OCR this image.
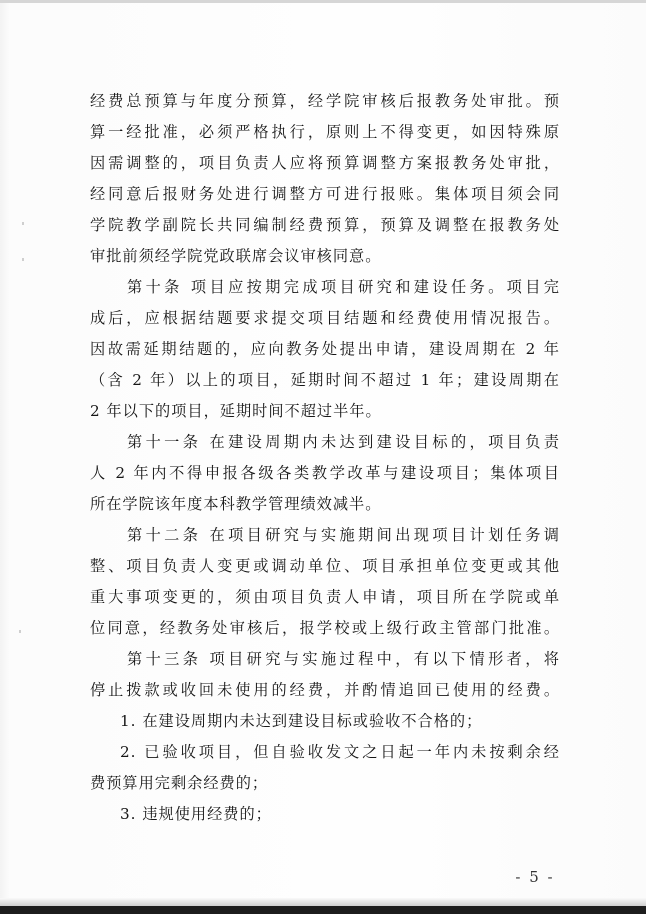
经费总预算与年度分预算，经学院审核后报教务处审批。预
算一经批准，必须严格执行，原则上不得变更，如因特殊原
因需调整的，项目负责人应将预算调整方案报教务处审批，
经同意后报财务处进行调整方可进行报账。集体项目须会同
学院教学副院长共同编制经费预算，预算及调整在报教务处
审批前须经学院党政联席会议审核同意。
第十条 项目应按期完成项目研究和建设任务。项目完
成后，应根据结题要求提交项目结题和经费使用情况报告。
因故需延期结题的，应向教务处提出申请，建设周期在 2 年
（含 2 年）以上的项目，延期时间不超过 1 年；建设周期在
2 年以下的项目，延期时间不超过半年。
第十一条 在建设周期内未达到建设目标的，项目负责
人 2 年内不得申报各级各类教学改革与建设项目；集体项目
所在学院该年度本科教学管理绩效减半。
第十二条 在项目研究与实施期间出现项目计划任务调
整、项目负责人变更或调动单位、项目承担单位变更或其他
重大事项变更的，须由项目负责人申请，项目所在学院或单
位同意，经教务处审核后，报学校或上级行政主管部门批准。
第十三条 项目研究与实施过程中，有以下情形者，将
停止拨款或收回未使用的经费，并酌情追回已使用的经费。
1. 在建设周期内未达到建设目标或验收不合格的；
2. 已验收项目，但自验收发文之日起一年内未按剩余经
费预算用完剩余经费的；
3. 违规使用经费的；
- 5 -
